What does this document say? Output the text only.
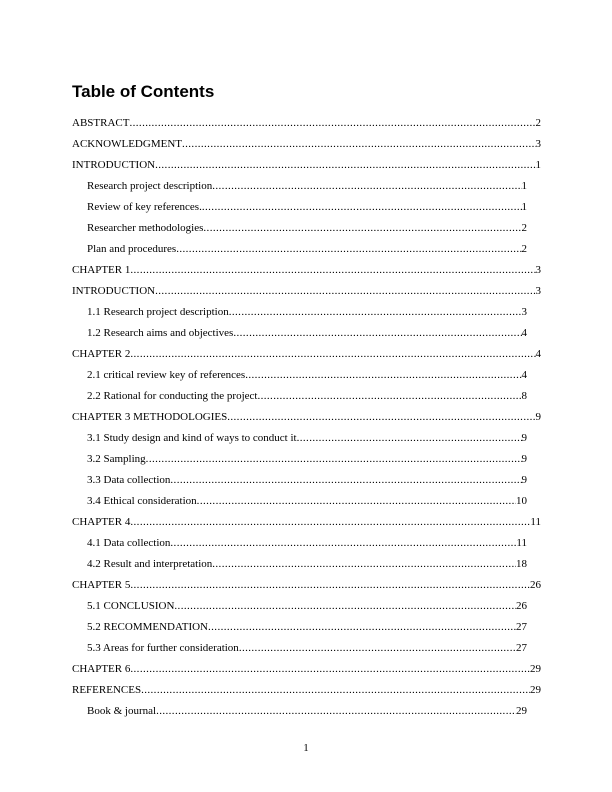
Table of Contents
ABSTRACT .....	2
ACKNOWLEDGMENT .....	3
INTRODUCTION .....	1
Research project description .....	1
Review of key references. .....	1
Researcher methodologies .....	2
Plan and procedures .....	2
CHAPTER 1 .....	3
INTRODUCTION .....	3
1.1 Research project description .....	3
1.2 Research aims and objectives .....	4
CHAPTER 2 .....	4
2.1 critical review key of references .....	4
2.2 Rational for conducting the project .....	8
CHAPTER 3 METHODOLOGIES .....	9
3.1 Study design and kind of ways to conduct it .....	9
3.2 Sampling .....	9
3.3 Data collection .....	9
3.4 Ethical consideration .....	10
CHAPTER 4 .....	11
4.1 Data collection .....	11
4.2 Result and interpretation .....	18
CHAPTER 5 .....	26
5.1 CONCLUSION .....	26
5.2 RECOMMENDATION .....	27
5.3 Areas for further consideration .....	27
CHAPTER 6 .....	29
REFERENCES .....	29
Book & journal .....	29
1
